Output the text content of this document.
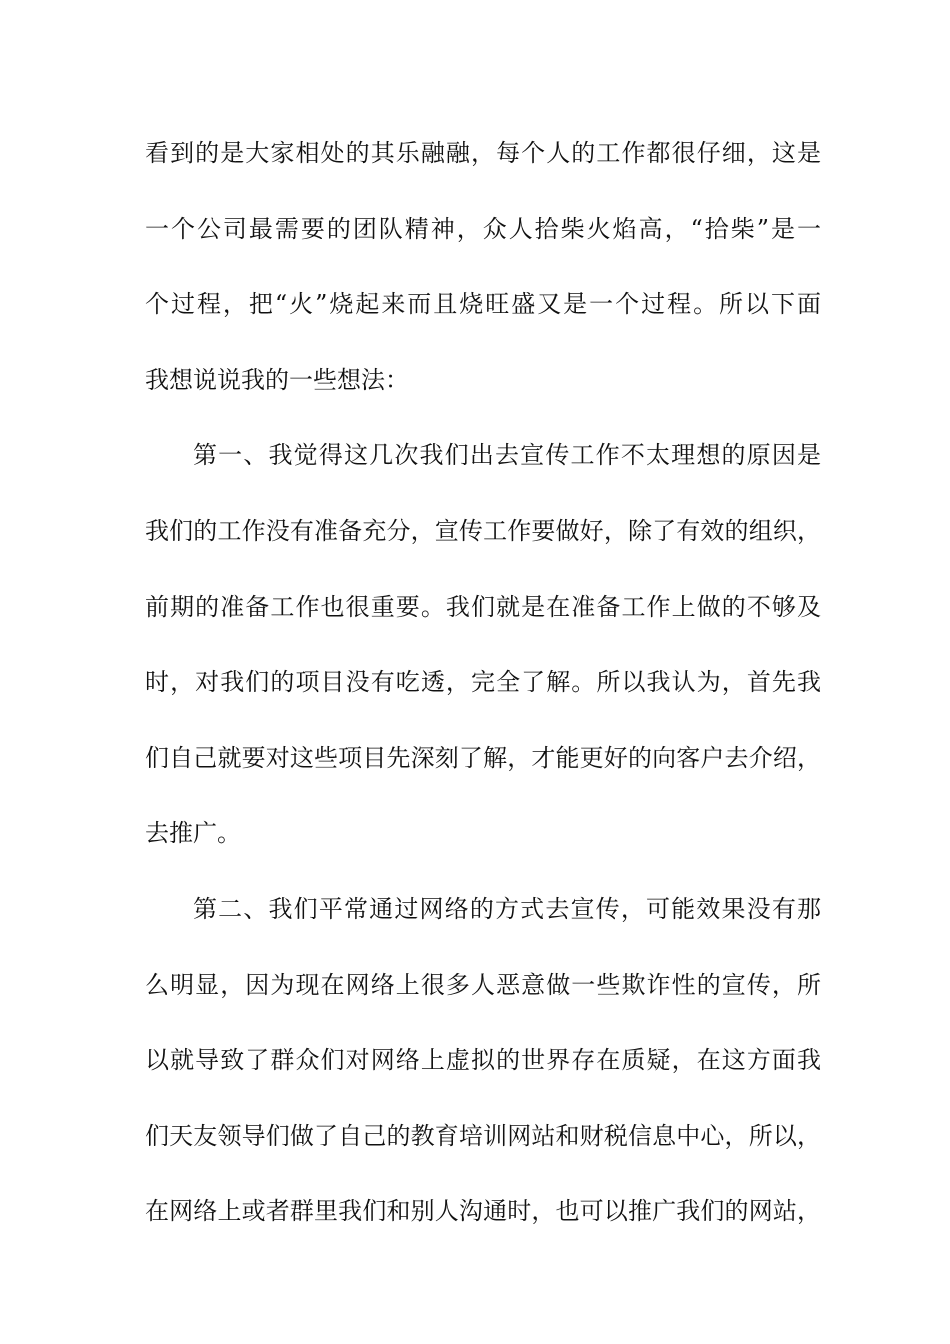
看到的是大家相处的其乐融融，每个人的工作都很仔细，这是
一个公司最需要的团队精神，众人拾柴火焰高，“拾柴”是一
个过程，把“火”烧起来而且烧旺盛又是一个过程。所以下面
我想说说我的一些想法：
第一、我觉得这几次我们出去宣传工作不太理想的原因是
我们的工作没有准备充分，宣传工作要做好，除了有效的组织，
前期的准备工作也很重要。我们就是在准备工作上做的不够及
时，对我们的项目没有吃透，完全了解。所以我认为，首先我
们自己就要对这些项目先深刻了解，才能更好的向客户去介绍，
去推广。
第二、我们平常通过网络的方式去宣传，可能效果没有那
么明显，因为现在网络上很多人恶意做一些欺诈性的宣传，所
以就导致了群众们对网络上虚拟的世界存在质疑，在这方面我
们天友领导们做了自己的教育培训网站和财税信息中心，所以，
在网络上或者群里我们和别人沟通时，也可以推广我们的网站，
